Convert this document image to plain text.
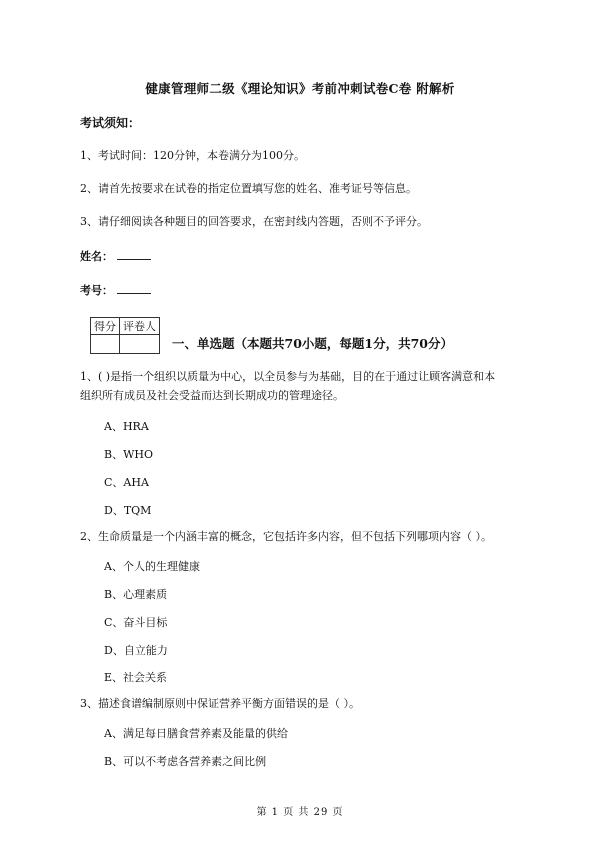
健康管理师二级《理论知识》考前冲刺试卷C卷 附解析
考试须知：
1、考试时间：120分钟，本卷满分为100分。
2、请首先按要求在试卷的指定位置填写您的姓名、准考证号等信息。
3、请仔细阅读各种题目的回答要求，在密封线内答题，否则不予评分。
姓名：
考号：
得分	评卷人

一、单选题（本题共70小题，每题1分，共70分）
1、( )是指一个组织以质量为中心，以全员参与为基础，目的在于通过让顾客满意和本
组织所有成员及社会受益而达到长期成功的管理途径。
A、HRA
B、WHO
C、AHA
D、TQM
2、生命质量是一个内涵丰富的概念，它包括许多内容，但不包括下列哪项内容（ ）。
A、个人的生理健康
B、心理素质
C、奋斗目标
D、自立能力
E、社会关系
3、描述食谱编制原则中保证营养平衡方面错误的是（ ）。
A、满足每日膳食营养素及能量的供给
B、可以不考虑各营养素之间比例
第 1 页 共 29 页
